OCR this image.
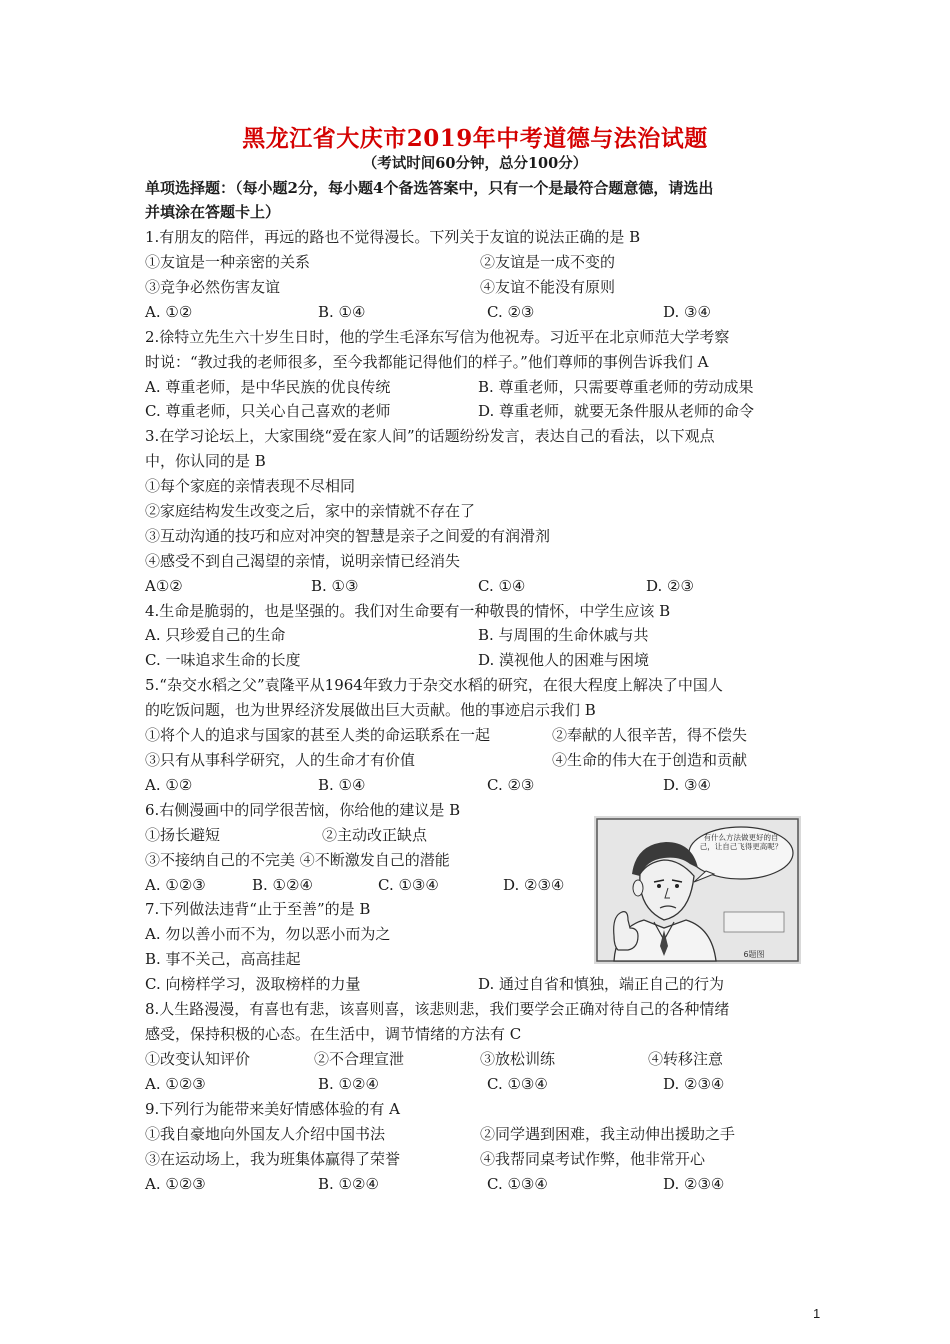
黑龙江省大庆市2019年中考道德与法治试题
（考试时间60分钟，总分100分）
单项选择题：（每小题2分，每小题4个备选答案中，只有一个是最符合题意德，请选出
并填涂在答题卡上）
1.有朋友的陪伴，再远的路也不觉得漫长。下列关于友谊的说法正确的是 B
①友谊是一种亲密的关系	②友谊是一成不变的
③竞争必然伤害友谊	④友谊不能没有原则
A. ①②	B. ①④	C. ②③	D. ③④
2.徐特立先生六十岁生日时，他的学生毛泽东写信为他祝寿。习近平在北京师范大学考察
时说：“教过我的老师很多，至今我都能记得他们的样子。”他们尊师的事例告诉我们 A
A. 尊重老师，是中华民族的优良传统	B. 尊重老师，只需要尊重老师的劳动成果
C. 尊重老师，只关心自己喜欢的老师	D. 尊重老师，就要无条件服从老师的命令
3.在学习论坛上，大家围绕“爱在家人间”的话题纷纷发言，表达自己的看法，以下观点
中，你认同的是 B
①每个家庭的亲情表现不尽相同
②家庭结构发生改变之后，家中的亲情就不存在了
③互动沟通的技巧和应对冲突的智慧是亲子之间爱的有润滑剂
④感受不到自己渴望的亲情，说明亲情已经消失
A①②	B. ①③	C. ①④	D. ②③
4.生命是脆弱的，也是坚强的。我们对生命要有一种敬畏的情怀，中学生应该 B
A. 只珍爱自己的生命	B. 与周围的生命休戚与共
C. 一味追求生命的长度	D. 漠视他人的困难与困境
5.“杂交水稻之父”袁隆平从1964年致力于杂交水稻的研究，在很大程度上解决了中国人
的吃饭问题，也为世界经济发展做出巨大贡献。他的事迹启示我们 B
①将个人的追求与国家的甚至人类的命运联系在一起	②奉献的人很辛苦，得不偿失
③只有从事科学研究，人的生命才有价值	④生命的伟大在于创造和贡献
A. ①②	B. ①④	C. ②③	D. ③④
6.右侧漫画中的同学很苦恼，你给他的建议是 B
①扬长避短	②主动改正缺点
③不接纳自己的不完美 ④不断激发自己的潜能
A. ①②③	B. ①②④	C. ①③④	D. ②③④
有什么方法做更好的自己，让自己飞得更高呢？
6题图
7.下列做法违背“止于至善”的是 B
A. 勿以善小而不为，勿以恶小而为之
B. 事不关己，高高挂起
C. 向榜样学习，汲取榜样的力量	D. 通过自省和慎独，端正自己的行为
8.人生路漫漫，有喜也有悲，该喜则喜，该悲则悲，我们要学会正确对待自己的各种情绪
感受，保持积极的心态。在生活中，调节情绪的方法有 C
①改变认知评价	②不合理宣泄	③放松训练	④转移注意
A. ①②③	B. ①②④	C. ①③④	D. ②③④
9.下列行为能带来美好情感体验的有 A
①我自豪地向外国友人介绍中国书法	②同学遇到困难，我主动伸出援助之手
③在运动场上，我为班集体赢得了荣誉	④我帮同桌考试作弊，他非常开心
A. ①②③	B. ①②④	C. ①③④	D. ②③④
1
